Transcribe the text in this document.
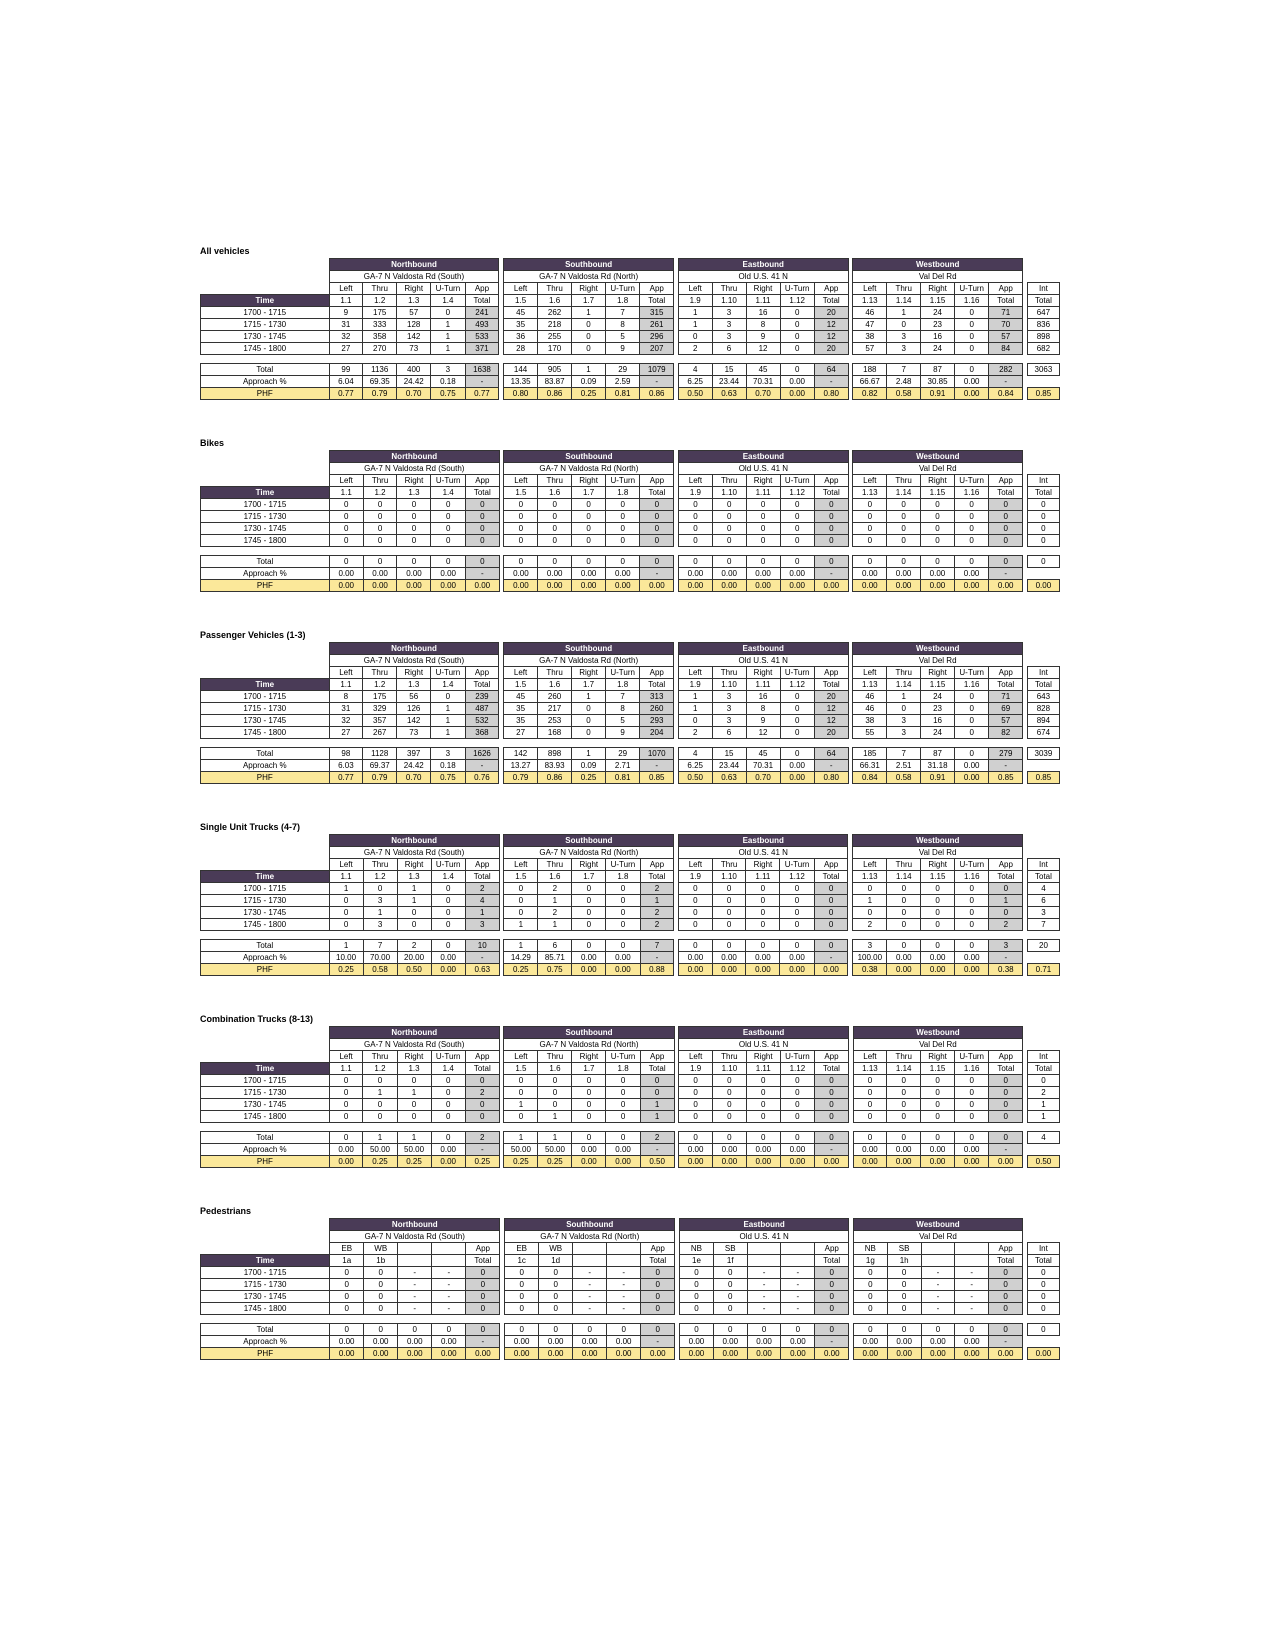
All vehicles
	Northbound						Southbound						Eastbound						Westbound						
	GA-7 N Valdosta Rd (South)						GA-7 N Valdosta Rd (North)						Old U.S. 41 N						Val Del Rd						
	Left	Thru	Right	U-Turn	App		Left	Thru	Right	U-Turn	App		Left	Thru	Right	U-Turn	App		Left	Thru	Right	U-Turn	App		Int
Time	1.1	1.2	1.3	1.4	Total		1.5	1.6	1.7	1.8	Total		1.9	1.10	1.11	1.12	Total		1.13	1.14	1.15	1.16	Total		Total
1700 - 1715	9	175	57	0	241		45	262	1	7	315		1	3	16	0	20		46	1	24	0	71		647
1715 - 1730	31	333	128	1	493		35	218	0	8	261		1	3	8	0	12		47	0	23	0	70		836
1730 - 1745	32	358	142	1	533		36	255	0	5	296		0	3	9	0	12		38	3	16	0	57		898
1745 - 1800	27	270	73	1	371		28	170	0	9	207		2	6	12	0	20		57	3	24	0	84		682

Total	99	1136	400	3	1638		144	905	1	29	1079		4	15	45	0	64		188	7	87	0	282		3063
Approach %	6.04	69.35	24.42	0.18	-		13.35	83.87	0.09	2.59	-		6.25	23.44	70.31	0.00	-		66.67	2.48	30.85	0.00	-		
PHF	0.77	0.79	0.70	0.75	0.77		0.80	0.86	0.25	0.81	0.86		0.50	0.63	0.70	0.00	0.80		0.82	0.58	0.91	0.00	0.84		0.85
Bikes
	Northbound						Southbound						Eastbound						Westbound						
	GA-7 N Valdosta Rd (South)						GA-7 N Valdosta Rd (North)						Old U.S. 41 N						Val Del Rd						
	Left	Thru	Right	U-Turn	App		Left	Thru	Right	U-Turn	App		Left	Thru	Right	U-Turn	App		Left	Thru	Right	U-Turn	App		Int
Time	1.1	1.2	1.3	1.4	Total		1.5	1.6	1.7	1.8	Total		1.9	1.10	1.11	1.12	Total		1.13	1.14	1.15	1.16	Total		Total
1700 - 1715	0	0	0	0	0		0	0	0	0	0		0	0	0	0	0		0	0	0	0	0		0
1715 - 1730	0	0	0	0	0		0	0	0	0	0		0	0	0	0	0		0	0	0	0	0		0
1730 - 1745	0	0	0	0	0		0	0	0	0	0		0	0	0	0	0		0	0	0	0	0		0
1745 - 1800	0	0	0	0	0		0	0	0	0	0		0	0	0	0	0		0	0	0	0	0		0

Total	0	0	0	0	0		0	0	0	0	0		0	0	0	0	0		0	0	0	0	0		0
Approach %	0.00	0.00	0.00	0.00	-		0.00	0.00	0.00	0.00	-		0.00	0.00	0.00	0.00	-		0.00	0.00	0.00	0.00	-		
PHF	0.00	0.00	0.00	0.00	0.00		0.00	0.00	0.00	0.00	0.00		0.00	0.00	0.00	0.00	0.00		0.00	0.00	0.00	0.00	0.00		0.00
Passenger Vehicles (1-3)
	Northbound						Southbound						Eastbound						Westbound						
	GA-7 N Valdosta Rd (South)						GA-7 N Valdosta Rd (North)						Old U.S. 41 N						Val Del Rd						
	Left	Thru	Right	U-Turn	App		Left	Thru	Right	U-Turn	App		Left	Thru	Right	U-Turn	App		Left	Thru	Right	U-Turn	App		Int
Time	1.1	1.2	1.3	1.4	Total		1.5	1.6	1.7	1.8	Total		1.9	1.10	1.11	1.12	Total		1.13	1.14	1.15	1.16	Total		Total
1700 - 1715	8	175	56	0	239		45	260	1	7	313		1	3	16	0	20		46	1	24	0	71		643
1715 - 1730	31	329	126	1	487		35	217	0	8	260		1	3	8	0	12		46	0	23	0	69		828
1730 - 1745	32	357	142	1	532		35	253	0	5	293		0	3	9	0	12		38	3	16	0	57		894
1745 - 1800	27	267	73	1	368		27	168	0	9	204		2	6	12	0	20		55	3	24	0	82		674

Total	98	1128	397	3	1626		142	898	1	29	1070		4	15	45	0	64		185	7	87	0	279		3039
Approach %	6.03	69.37	24.42	0.18	-		13.27	83.93	0.09	2.71	-		6.25	23.44	70.31	0.00	-		66.31	2.51	31.18	0.00	-		
PHF	0.77	0.79	0.70	0.75	0.76		0.79	0.86	0.25	0.81	0.85		0.50	0.63	0.70	0.00	0.80		0.84	0.58	0.91	0.00	0.85		0.85
Single Unit Trucks (4-7)
	Northbound						Southbound						Eastbound						Westbound						
	GA-7 N Valdosta Rd (South)						GA-7 N Valdosta Rd (North)						Old U.S. 41 N						Val Del Rd						
	Left	Thru	Right	U-Turn	App		Left	Thru	Right	U-Turn	App		Left	Thru	Right	U-Turn	App		Left	Thru	Right	U-Turn	App		Int
Time	1.1	1.2	1.3	1.4	Total		1.5	1.6	1.7	1.8	Total		1.9	1.10	1.11	1.12	Total		1.13	1.14	1.15	1.16	Total		Total
1700 - 1715	1	0	1	0	2		0	2	0	0	2		0	0	0	0	0		0	0	0	0	0		4
1715 - 1730	0	3	1	0	4		0	1	0	0	1		0	0	0	0	0		1	0	0	0	1		6
1730 - 1745	0	1	0	0	1		0	2	0	0	2		0	0	0	0	0		0	0	0	0	0		3
1745 - 1800	0	3	0	0	3		1	1	0	0	2		0	0	0	0	0		2	0	0	0	2		7

Total	1	7	2	0	10		1	6	0	0	7		0	0	0	0	0		3	0	0	0	3		20
Approach %	10.00	70.00	20.00	0.00	-		14.29	85.71	0.00	0.00	-		0.00	0.00	0.00	0.00	-		100.00	0.00	0.00	0.00	-		
PHF	0.25	0.58	0.50	0.00	0.63		0.25	0.75	0.00	0.00	0.88		0.00	0.00	0.00	0.00	0.00		0.38	0.00	0.00	0.00	0.38		0.71
Combination Trucks (8-13)
	Northbound						Southbound						Eastbound						Westbound						
	GA-7 N Valdosta Rd (South)						GA-7 N Valdosta Rd (North)						Old U.S. 41 N						Val Del Rd						
	Left	Thru	Right	U-Turn	App		Left	Thru	Right	U-Turn	App		Left	Thru	Right	U-Turn	App		Left	Thru	Right	U-Turn	App		Int
Time	1.1	1.2	1.3	1.4	Total		1.5	1.6	1.7	1.8	Total		1.9	1.10	1.11	1.12	Total		1.13	1.14	1.15	1.16	Total		Total
1700 - 1715	0	0	0	0	0		0	0	0	0	0		0	0	0	0	0		0	0	0	0	0		0
1715 - 1730	0	1	1	0	2		0	0	0	0	0		0	0	0	0	0		0	0	0	0	0		2
1730 - 1745	0	0	0	0	0		1	0	0	0	1		0	0	0	0	0		0	0	0	0	0		1
1745 - 1800	0	0	0	0	0		0	1	0	0	1		0	0	0	0	0		0	0	0	0	0		1

Total	0	1	1	0	2		1	1	0	0	2		0	0	0	0	0		0	0	0	0	0		4
Approach %	0.00	50.00	50.00	0.00	-		50.00	50.00	0.00	0.00	-		0.00	0.00	0.00	0.00	-		0.00	0.00	0.00	0.00	-		
PHF	0.00	0.25	0.25	0.00	0.25		0.25	0.25	0.00	0.00	0.50		0.00	0.00	0.00	0.00	0.00		0.00	0.00	0.00	0.00	0.00		0.50
Pedestrians
	Northbound						Southbound						Eastbound						Westbound						
	GA-7 N Valdosta Rd (South)						GA-7 N Valdosta Rd (North)						Old U.S. 41 N						Val Del Rd						
	EB	WB			App		EB	WB			App		NB	SB			App		NB	SB			App		Int
Time	1a	1b			Total		1c	1d			Total		1e	1f			Total		1g	1h			Total		Total
1700 - 1715	0	0	-	-	0		0	0	-	-	0		0	0	-	-	0		0	0	-	-	0		0
1715 - 1730	0	0	-	-	0		0	0	-	-	0		0	0	-	-	0		0	0	-	-	0		0
1730 - 1745	0	0	-	-	0		0	0	-	-	0		0	0	-	-	0		0	0	-	-	0		0
1745 - 1800	0	0	-	-	0		0	0	-	-	0		0	0	-	-	0		0	0	-	-	0		0

Total	0	0	0	0	0		0	0	0	0	0		0	0	0	0	0		0	0	0	0	0		0
Approach %	0.00	0.00	0.00	0.00	-		0.00	0.00	0.00	0.00	-		0.00	0.00	0.00	0.00	-		0.00	0.00	0.00	0.00	-		
PHF	0.00	0.00	0.00	0.00	0.00		0.00	0.00	0.00	0.00	0.00		0.00	0.00	0.00	0.00	0.00		0.00	0.00	0.00	0.00	0.00		0.00
